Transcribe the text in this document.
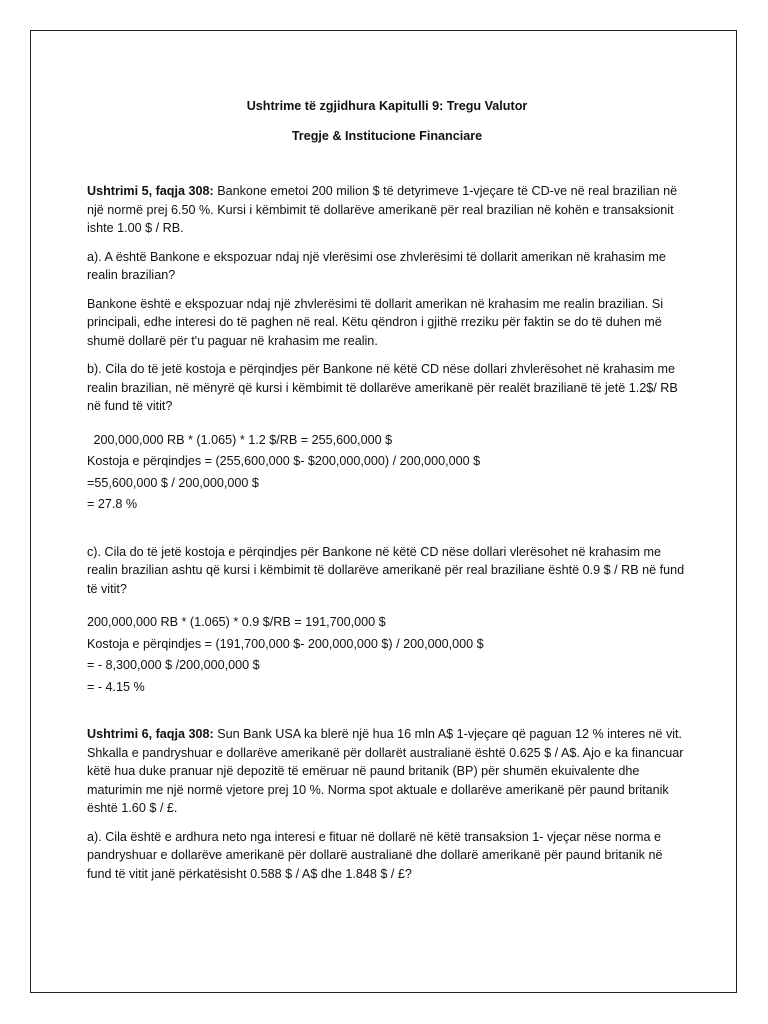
Ushtrime të zgjidhura Kapitulli 9: Tregu Valutor

Tregje & Institucione Financiare

Ushtrimi 5, faqja 308: Bankone emetoi 200 milion $ të detyrimeve 1-vjeçare të CD-ve në real brazilian në një normë prej 6.50 %. Kursi i këmbimit të dollarëve amerikanë për real brazilian në kohën e transaksionit ishte 1.00 $ / RB.

a). A është Bankone e ekspozuar ndaj një vlerësimi ose zhvlerësimi të dollarit amerikan në krahasim me realin brazilian?

Bankone është e ekspozuar ndaj një zhvlerësimi të dollarit amerikan në krahasim me realin brazilian. Si principali, edhe interesi do të paghen në real. Këtu qëndron i gjithë rreziku për faktin se do të duhen më shumë dollarë për t'u paguar në krahasim me realin.

b). Cila do të jetë kostoja e përqindjes për Bankone në këtë CD nëse dollari zhvlerësohet në krahasim me realin brazilian, në mënyrë që kursi i këmbimit të dollarëve amerikanë për realët brazilianë të jetë 1.2$/ RB në fund të vitit?

200,000,000 RB * (1.065) * 1.2 $/RB = 255,600,000 $

Kostoja e përqindjes = (255,600,000 $- $200,000,000) / 200,000,000 $

=55,600,000 $ / 200,000,000 $

= 27.8 %

c). Cila do të jetë kostoja e përqindjes për Bankone në këtë CD nëse dollari vlerësohet në krahasim me realin brazilian ashtu që kursi i këmbimit të dollarëve amerikanë për real braziliane është 0.9 $ / RB në fund të vitit?

200,000,000 RB * (1.065) * 0.9 $/RB = 191,700,000 $

Kostoja e përqindjes = (191,700,000 $- 200,000,000 $) / 200,000,000 $

= - 8,300,000 $ /200,000,000 $

= - 4.15 %

Ushtrimi 6, faqja 308: Sun Bank USA ka blerë një hua 16 mln A$ 1-vjeçare që paguan 12 % interes në vit. Shkalla e pandryshuar e dollarëve amerikanë për dollarët australianë është 0.625 $ / A$. Ajo e ka financuar këtë hua duke pranuar një depozitë të emëruar në paund britanik (BP) për shumën ekuivalente dhe maturimin me një normë vjetore prej 10 %. Norma spot aktuale e dollarëve amerikanë për paund britanik është 1.60 $ / £.

a). Cila është e ardhura neto nga interesi e fituar në dollarë në këtë transaksion 1- vjeçar nëse norma e pandryshuar e dollarëve amerikanë për dollarë australianë dhe dollarë amerikanë për paund britanik në fund të vitit janë përkatësisht 0.588 $ / A$ dhe 1.848 $ / £?
